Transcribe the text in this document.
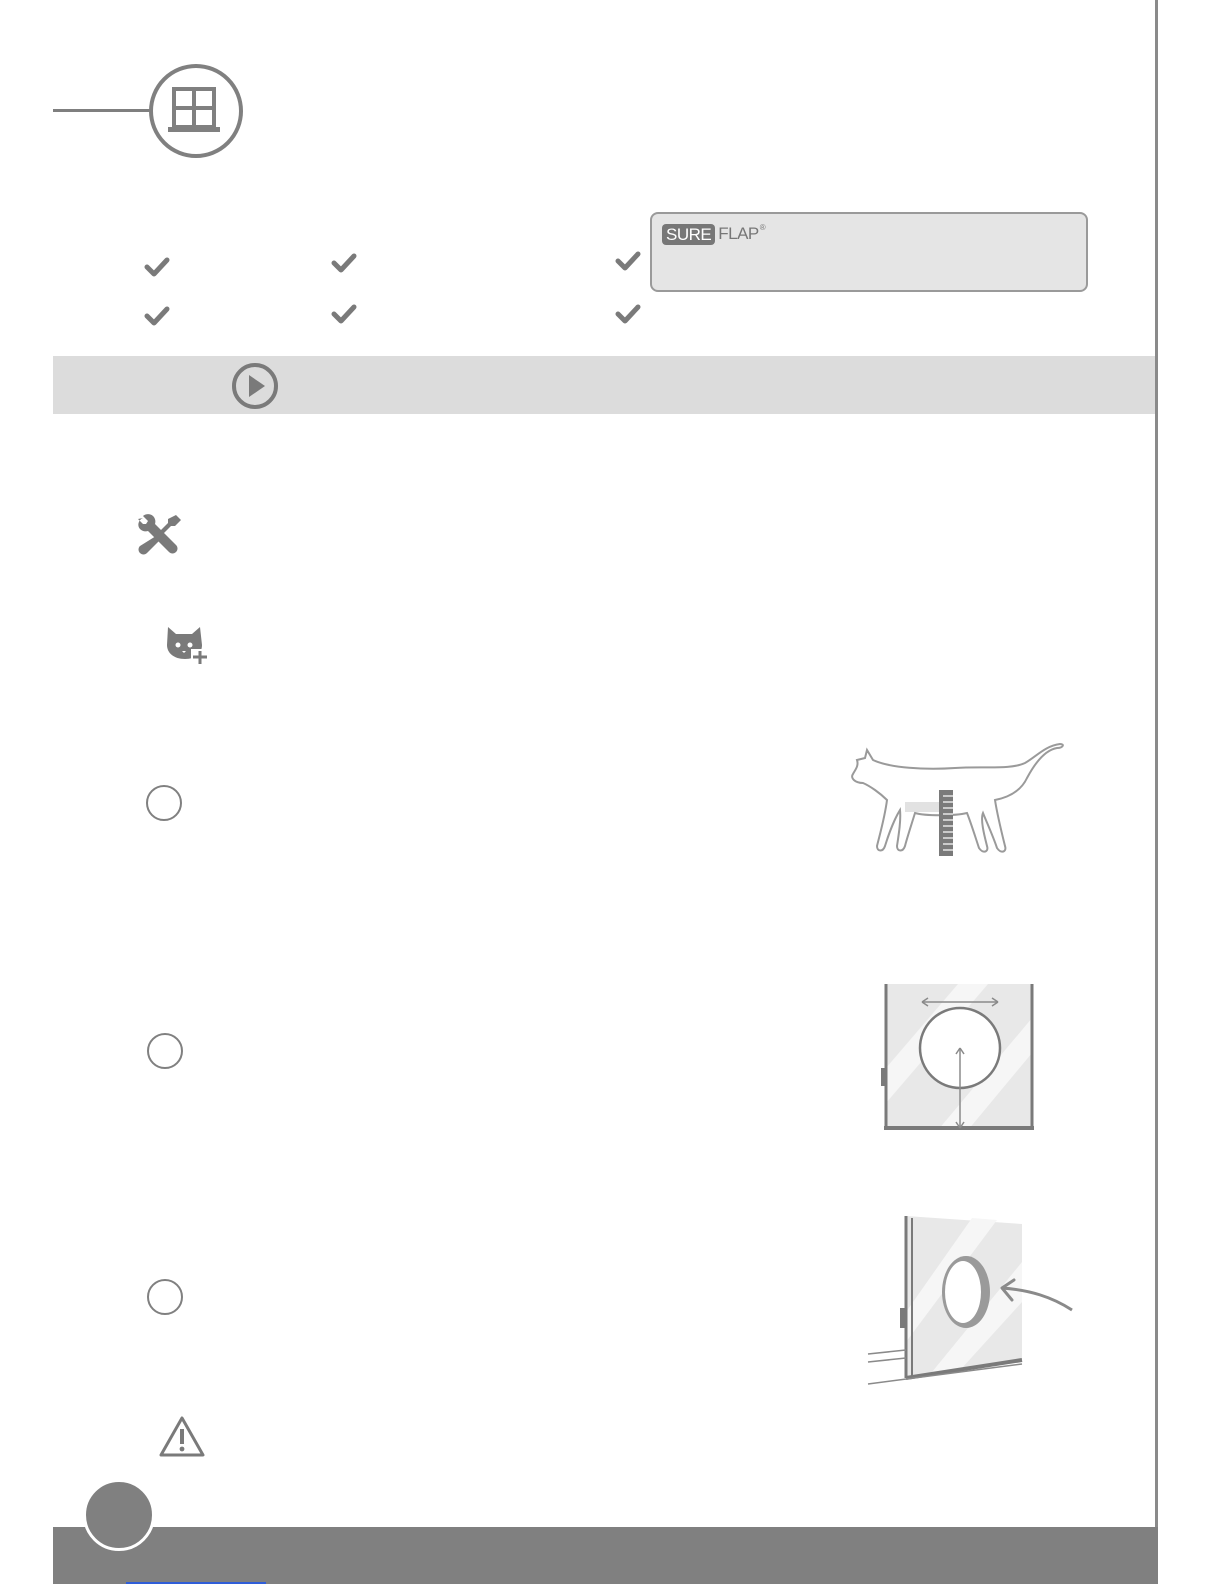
SURE FLAP ®
